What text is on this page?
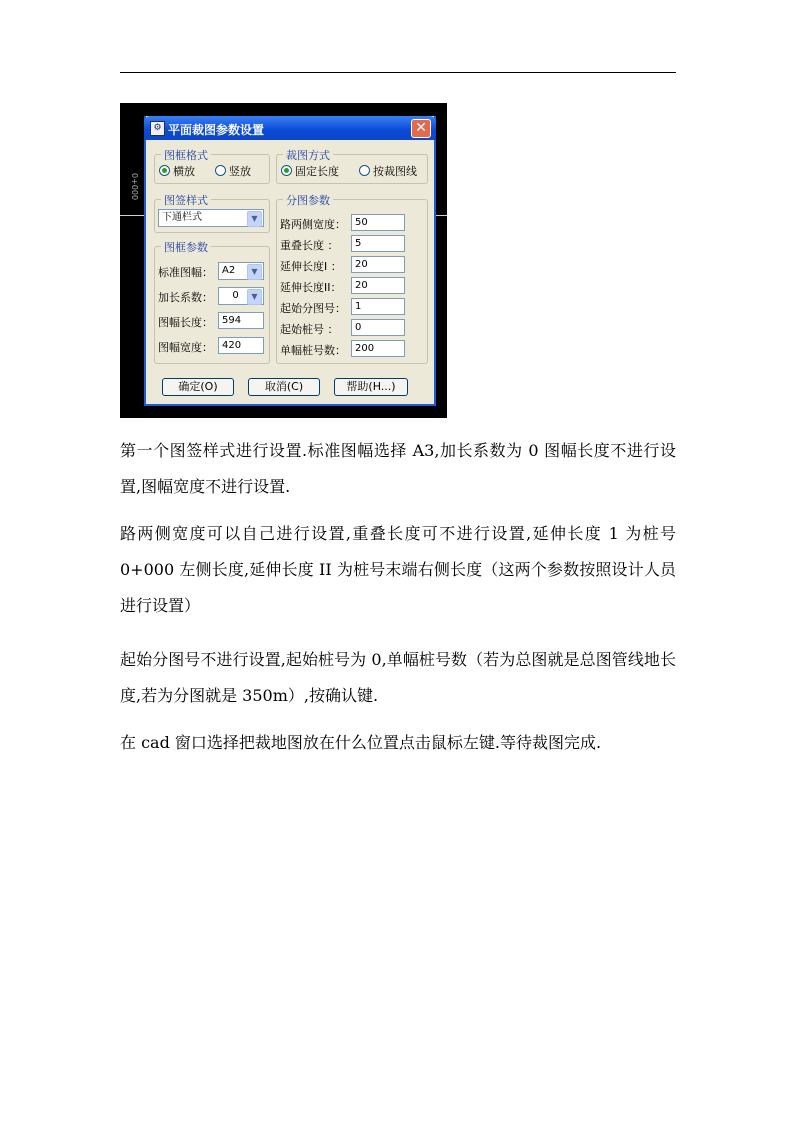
0+000
⚙ 平面裁图参数设置	✕
图框格式
横放	竖放
裁图方式
固定长度	按裁图线
图签样式
下通栏式	▼
图框参数
标准图幅： A2	▼
加长系数：	0	▼
图幅长度： 594
图幅宽度： 420
分图参数
路两侧宽度： 50
重叠长度 ：	5
延伸长度I ：	20
延伸长度II：	20
起始分图号： 1
起始桩号 ：	0
单幅桩号数： 200
确定(O)	取消(C)	帮助(H...)
第一个图签样式进行设置.标准图幅选择 A3,加长系数为 0 图幅长度不进行设置,图幅宽度不进行设置.
路两侧宽度可以自己进行设置,重叠长度可不进行设置,延伸长度 1 为桩号 0+000 左侧长度,延伸长度 II 为桩号末端右侧长度（这两个参数按照设计人员进行设置）
起始分图号不进行设置,起始桩号为 0,单幅桩号数（若为总图就是总图管线地长度,若为分图就是 350m）,按确认键.
在 cad 窗口选择把裁地图放在什么位置点击鼠标左键.等待裁图完成.
